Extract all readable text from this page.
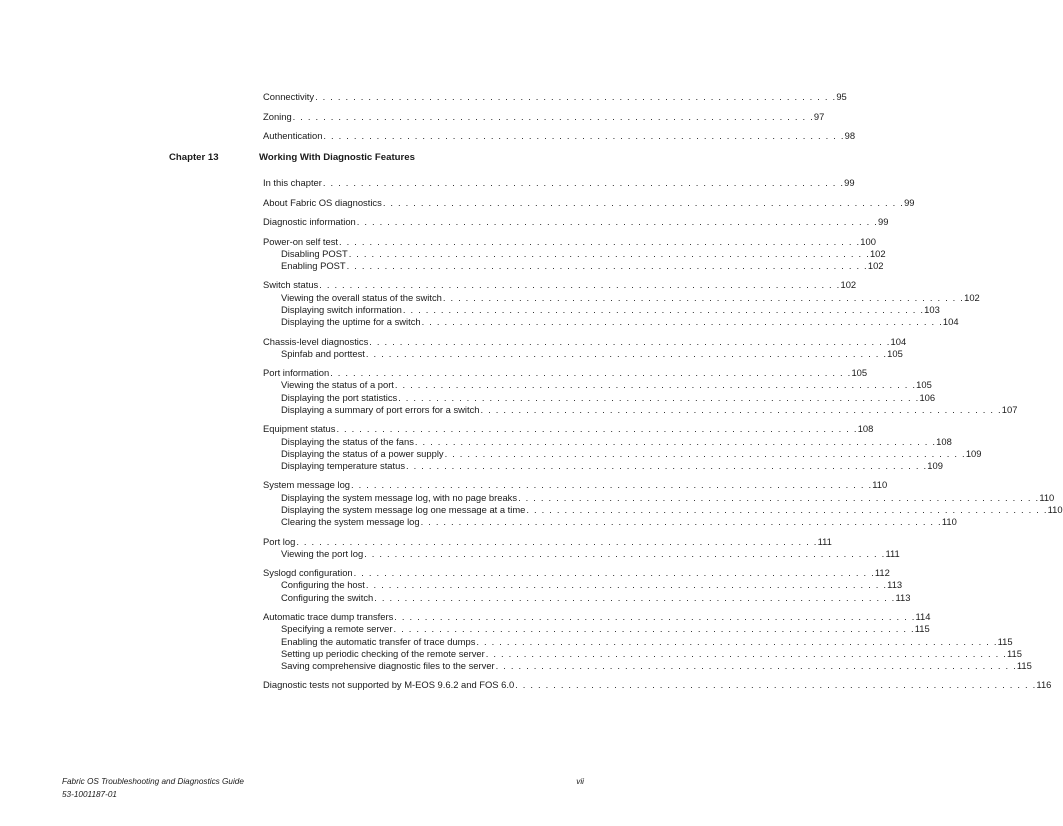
Connectivity . . . . . . . . . . . . . . . . . . . . . . . . . . . . . . . . . . . . . . . . . . . . . . . . . . . . . . . . . . . . . . . . . . . . . 95
Zoning . . . . . . . . . . . . . . . . . . . . . . . . . . . . . . . . . . . . . . . . . . . . . . . . . . . . . . . . . . . . . . . . . . . . . 97
Authentication . . . . . . . . . . . . . . . . . . . . . . . . . . . . . . . . . . . . . . . . . . . . . . . . . . . . . . . . . . . . . . . . . . . . . 98
In this chapter . . . . . . . . . . . . . . . . . . . . . . . . . . . . . . . . . . . . . . . . . . . . . . . . . . . . . . . . . . . . . . . . . . . . . 99
About Fabric OS diagnostics . . . . . . . . . . . . . . . . . . . . . . . . . . . . . . . . . . . . . . . . . . . . . . . . . . . . . . . . . . . . . . . . . . . . . 99
Diagnostic information . . . . . . . . . . . . . . . . . . . . . . . . . . . . . . . . . . . . . . . . . . . . . . . . . . . . . . . . . . . . . . . . . . . . . 99
Power-on self test . . . . . . . . . . . . . . . . . . . . . . . . . . . . . . . . . . . . . . . . . . . . . . . . . . . . . . . . . . . . . . . . . . . . . 100
Disabling POST . . . . . . . . . . . . . . . . . . . . . . . . . . . . . . . . . . . . . . . . . . . . . . . . . . . . . . . . . . . . . . . . . . . . . 102
Enabling POST . . . . . . . . . . . . . . . . . . . . . . . . . . . . . . . . . . . . . . . . . . . . . . . . . . . . . . . . . . . . . . . . . . . . . 102
Switch status . . . . . . . . . . . . . . . . . . . . . . . . . . . . . . . . . . . . . . . . . . . . . . . . . . . . . . . . . . . . . . . . . . . . . 102
Viewing the overall status of the switch . . . . . . . . . . . . . . . . . . . . . . . . . . . . . . . . . . . . . . . . . . . . . . . . . . . . . . . . . . . . . . . . . . . . . 102
Displaying switch information . . . . . . . . . . . . . . . . . . . . . . . . . . . . . . . . . . . . . . . . . . . . . . . . . . . . . . . . . . . . . . . . . . . . . 103
Displaying the uptime for a switch . . . . . . . . . . . . . . . . . . . . . . . . . . . . . . . . . . . . . . . . . . . . . . . . . . . . . . . . . . . . . . . . . . . . . 104
Chassis-level diagnostics . . . . . . . . . . . . . . . . . . . . . . . . . . . . . . . . . . . . . . . . . . . . . . . . . . . . . . . . . . . . . . . . . . . . . 104
Spinfab and porttest . . . . . . . . . . . . . . . . . . . . . . . . . . . . . . . . . . . . . . . . . . . . . . . . . . . . . . . . . . . . . . . . . . . . . 105
Port information . . . . . . . . . . . . . . . . . . . . . . . . . . . . . . . . . . . . . . . . . . . . . . . . . . . . . . . . . . . . . . . . . . . . . 105
Viewing the status of a port . . . . . . . . . . . . . . . . . . . . . . . . . . . . . . . . . . . . . . . . . . . . . . . . . . . . . . . . . . . . . . . . . . . . . 105
Displaying the port statistics . . . . . . . . . . . . . . . . . . . . . . . . . . . . . . . . . . . . . . . . . . . . . . . . . . . . . . . . . . . . . . . . . . . . . 106
Displaying a summary of port errors for a switch . . . . . . . . . . . . . . . . . . . . . . . . . . . . . . . . . . . . . . . . . . . . . . . . . . . . . . . . . . . . . . . . . . . . . 107
Equipment status . . . . . . . . . . . . . . . . . . . . . . . . . . . . . . . . . . . . . . . . . . . . . . . . . . . . . . . . . . . . . . . . . . . . . 108
Displaying the status of the fans . . . . . . . . . . . . . . . . . . . . . . . . . . . . . . . . . . . . . . . . . . . . . . . . . . . . . . . . . . . . . . . . . . . . . 108
Displaying the status of a power supply . . . . . . . . . . . . . . . . . . . . . . . . . . . . . . . . . . . . . . . . . . . . . . . . . . . . . . . . . . . . . . . . . . . . . 109
Displaying temperature status . . . . . . . . . . . . . . . . . . . . . . . . . . . . . . . . . . . . . . . . . . . . . . . . . . . . . . . . . . . . . . . . . . . . . 109
System message log . . . . . . . . . . . . . . . . . . . . . . . . . . . . . . . . . . . . . . . . . . . . . . . . . . . . . . . . . . . . . . . . . . . . . 110
Displaying the system message log, with no page breaks . . . . . . . . . . . . . . . . . . . . . . . . . . . . . . . . . . . . . . . . . . . . . . . . . . . . . . . . . . . . . . . . . . . . . 110
Displaying the system message log one message at a time . . . . . . . . . . . . . . . . . . . . . . . . . . . . . . . . . . . . . . . . . . . . . . . . . . . . . . . . . . . . . . . . . . . . . 110
Clearing the system message log . . . . . . . . . . . . . . . . . . . . . . . . . . . . . . . . . . . . . . . . . . . . . . . . . . . . . . . . . . . . . . . . . . . . . 110
Port log . . . . . . . . . . . . . . . . . . . . . . . . . . . . . . . . . . . . . . . . . . . . . . . . . . . . . . . . . . . . . . . . . . . . . 111
Viewing the port log . . . . . . . . . . . . . . . . . . . . . . . . . . . . . . . . . . . . . . . . . . . . . . . . . . . . . . . . . . . . . . . . . . . . . 111
Syslogd configuration . . . . . . . . . . . . . . . . . . . . . . . . . . . . . . . . . . . . . . . . . . . . . . . . . . . . . . . . . . . . . . . . . . . . . 112
Configuring the host . . . . . . . . . . . . . . . . . . . . . . . . . . . . . . . . . . . . . . . . . . . . . . . . . . . . . . . . . . . . . . . . . . . . . 113
Configuring the switch . . . . . . . . . . . . . . . . . . . . . . . . . . . . . . . . . . . . . . . . . . . . . . . . . . . . . . . . . . . . . . . . . . . . . 113
Automatic trace dump transfers . . . . . . . . . . . . . . . . . . . . . . . . . . . . . . . . . . . . . . . . . . . . . . . . . . . . . . . . . . . . . . . . . . . . . 114
Specifying a remote server . . . . . . . . . . . . . . . . . . . . . . . . . . . . . . . . . . . . . . . . . . . . . . . . . . . . . . . . . . . . . . . . . . . . . 115
Enabling the automatic transfer of trace dumps . . . . . . . . . . . . . . . . . . . . . . . . . . . . . . . . . . . . . . . . . . . . . . . . . . . . . . . . . . . . . . . . . . . . . 115
Setting up periodic checking of the remote server . . . . . . . . . . . . . . . . . . . . . . . . . . . . . . . . . . . . . . . . . . . . . . . . . . . . . . . . . . . . . . . . . . . . . 115
Saving comprehensive diagnostic files to the server . . . . . . . . . . . . . . . . . . . . . . . . . . . . . . . . . . . . . . . . . . . . . . . . . . . . . . . . . . . . . . . . . . . . . 115
Diagnostic tests not supported by M-EOS 9.6.2 and FOS 6.0 . . . . . . . . . . . . . . . . . . . . . . . . . . . . . . . . . . . . . . . . . . . . . . . . . . . . . . . . . . . . . . . . . . . . . 116
Chapter 13	Working With Diagnostic Features
Fabric OS Troubleshooting and Diagnostics Guide
53-1001187-01
vii
